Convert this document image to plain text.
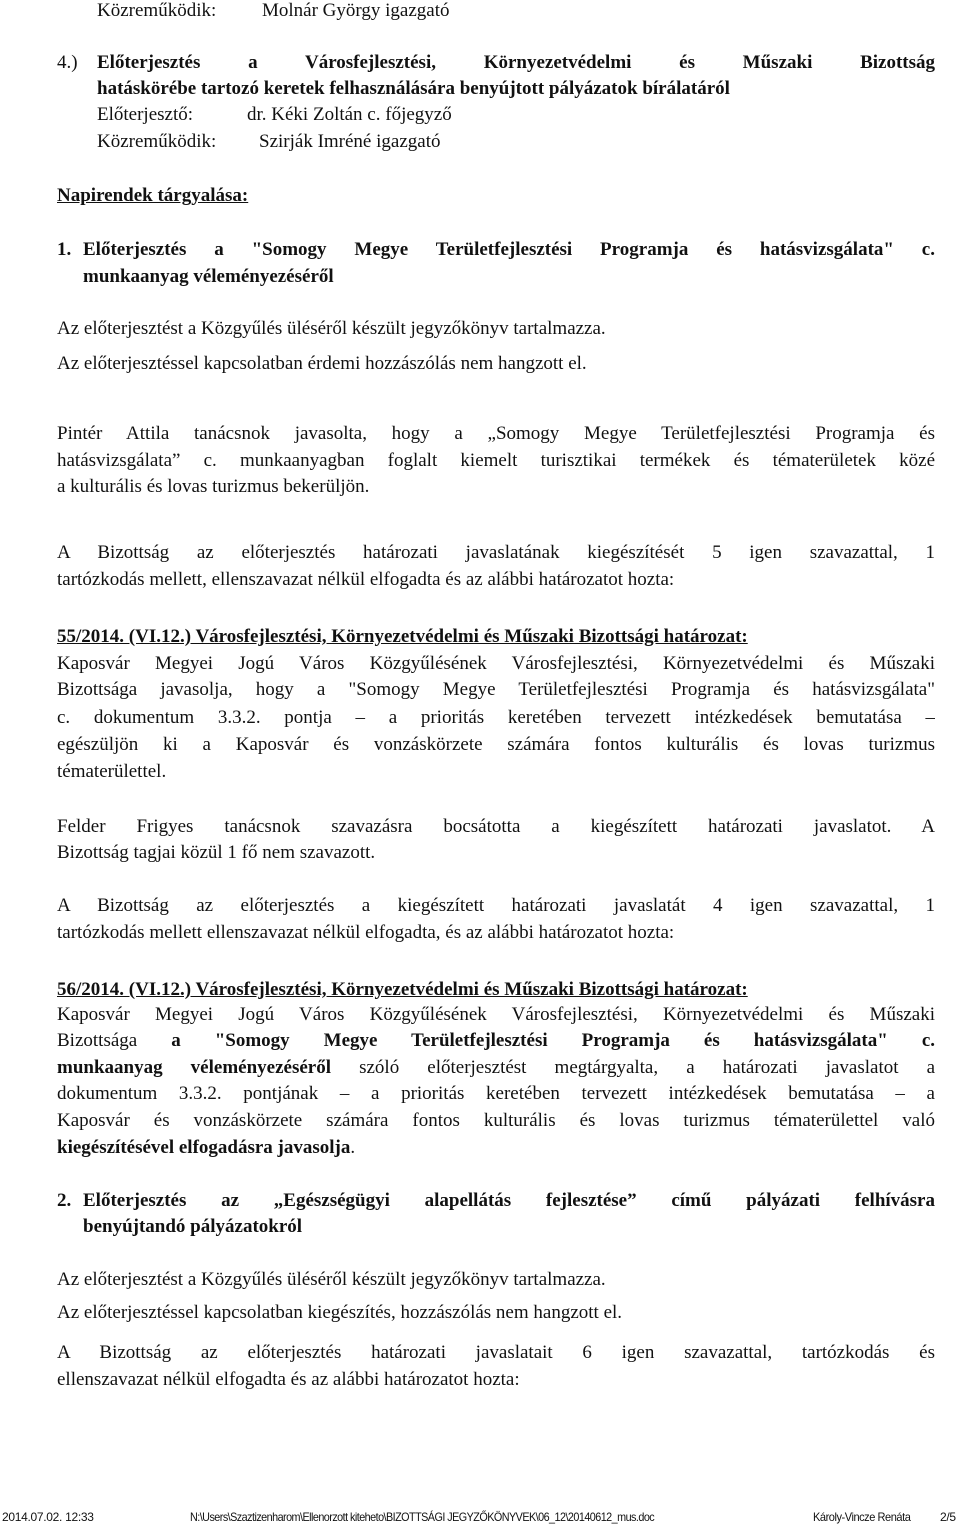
Közreműködik: Molnár György igazgató
4.) Előterjesztés a Városfejlesztési, Környezetvédelmi és Műszaki Bizottság
hatáskörébe tartozó keretek felhasználására benyújtott pályázatok bírálatáról
Előterjesztő:	dr. Kéki Zoltán c. főjegyző
Közreműködik: Szirják Imréné igazgató
Napirendek tárgyalása:
1. Előterjesztés a "Somogy Megye Területfejlesztési Programja és hatásvizsgálata" c.
munkaanyag véleményezéséről
Az előterjesztést a Közgyűlés üléséről készült jegyzőkönyv tartalmazza.
Az előterjesztéssel kapcsolatban érdemi hozzászólás nem hangzott el.
Pintér Attila tanácsnok javasolta, hogy a „Somogy Megye Területfejlesztési Programja és
hatásvizsgálata” c. munkaanyagban foglalt kiemelt turisztikai termékek és tématerületek közé
a kulturális és lovas turizmus bekerüljön.
A Bizottság az előterjesztés határozati javaslatának kiegészítését 5 igen szavazattal, 1
tartózkodás mellett, ellenszavazat nélkül elfogadta és az alábbi határozatot hozta:
55/2014. (VI.12.) Városfejlesztési, Környezetvédelmi és Műszaki Bizottsági határozat:
Kaposvár Megyei Jogú Város Közgyűlésének Városfejlesztési, Környezetvédelmi és Műszaki
Bizottsága javasolja, hogy a "Somogy Megye Területfejlesztési Programja és hatásvizsgálata"
c. dokumentum 3.3.2. pontja – a prioritás keretében tervezett intézkedések bemutatása –
egészüljön ki a Kaposvár és vonzáskörzete számára fontos kulturális és lovas turizmus
tématerülettel.
Felder Frigyes tanácsnok szavazásra bocsátotta a kiegészített határozati javaslatot. A
Bizottság tagjai közül 1 fő nem szavazott.
A Bizottság az előterjesztés a kiegészített határozati javaslatát 4 igen szavazattal, 1
tartózkodás mellett ellenszavazat nélkül elfogadta, és az alábbi határozatot hozta:
56/2014. (VI.12.) Városfejlesztési, Környezetvédelmi és Műszaki Bizottsági határozat:
Kaposvár Megyei Jogú Város Közgyűlésének Városfejlesztési, Környezetvédelmi és Műszaki
Bizottsága a "Somogy Megye Területfejlesztési Programja és hatásvizsgálata" c.
munkaanyag véleményezéséről szóló előterjesztést megtárgyalta, a határozati javaslatot a
dokumentum 3.3.2. pontjának – a prioritás keretében tervezett intézkedések bemutatása – a
Kaposvár és vonzáskörzete számára fontos kulturális és lovas turizmus tématerülettel való
kiegészítésével elfogadásra javasolja.
2. Előterjesztés az „Egészségügyi alapellátás fejlesztése” című pályázati felhívásra
benyújtandó pályázatokról
Az előterjesztést a Közgyűlés üléséről készült jegyzőkönyv tartalmazza.
Az előterjesztéssel kapcsolatban kiegészítés, hozzászólás nem hangzott el.
A Bizottság az előterjesztés határozati javaslatait 6 igen szavazattal, tartózkodás és
ellenszavazat nélkül elfogadta és az alábbi határozatot hozta:
2014.07.02. 12:33	N:\Users\Szaztizenharom\Ellenorzott kiteheto\BIZOTTSÁGI JEGYZŐKÖNYVEK\06_12\20140612_mus.doc	Károly-Vincze Renáta 2/5
